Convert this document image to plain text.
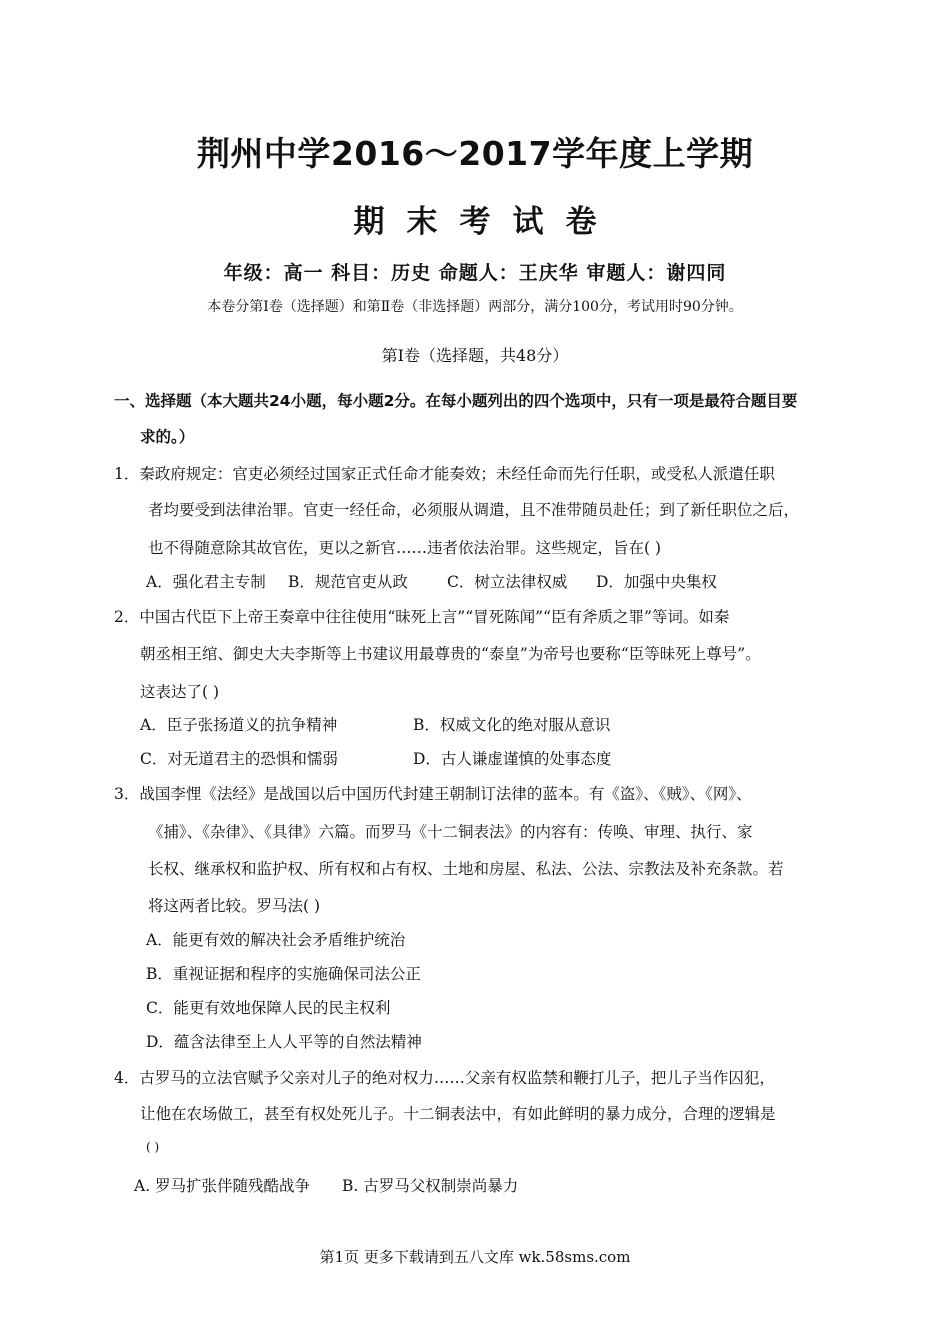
荆州中学2016～2017学年度上学期
期末考试卷
年级：高一 科目：历史 命题人：王庆华 审题人：谢四同
本卷分第Ⅰ卷（选择题）和第Ⅱ卷（非选择题）两部分，满分100分，考试用时90分钟。
第Ⅰ卷（选择题，共48分）
一、选择题（本大题共24小题，每小题2分。在每小题列出的四个选项中，只有一项是最符合题目要
求的。）
1．秦政府规定：官吏必须经过国家正式任命才能奏效；未经任命而先行任职，或受私人派遣任职
者均要受到法律治罪。官吏一经任命，必须服从调遣，且不准带随员赴任；到了新任职位之后，
也不得随意除其故官佐，更以之新官……违者依法治罪。这些规定，旨在( )
A．强化君主专制 B．规范官吏从政	C．树立法律权威 D．加强中央集权
2．中国古代臣下上帝王奏章中往往使用“昧死上言”“冒死陈闻”“臣有斧质之罪”等词。如秦
朝丞相王绾、御史大夫李斯等上书建议用最尊贵的“泰皇”为帝号也要称“臣等昧死上尊号”。
这表达了( )
A．臣子张扬道义的抗争精神	B．权威文化的绝对服从意识
C．对无道君主的恐惧和懦弱	D．古人谦虚谨慎的处事态度
3．战国李悝《法经》是战国以后中国历代封建王朝制订法律的蓝本。有《盗》、《贼》、《网》、
《捕》、《杂律》、《具律》六篇。而罗马《十二铜表法》的内容有：传唤、审理、执行、家
长权、继承权和监护权、所有权和占有权、土地和房屋、私法、公法、宗教法及补充条款。若
将这两者比较。罗马法( )
A．能更有效的解决社会矛盾维护统治
B．重视证据和程序的实施确保司法公正
C．能更有效地保障人民的民主权利
D．蕴含法律至上人人平等的自然法精神
4．古罗马的立法官赋予父亲对儿子的绝对权力……父亲有权监禁和鞭打儿子，把儿子当作囚犯，
让他在农场做工，甚至有权处死儿子。十二铜表法中，有如此鲜明的暴力成分，合理的逻辑是
( )
A. 罗马扩张伴随残酷战争 B. 古罗马父权制崇尚暴力
第1页 更多下载请到五八文库 wk.58sms.com
